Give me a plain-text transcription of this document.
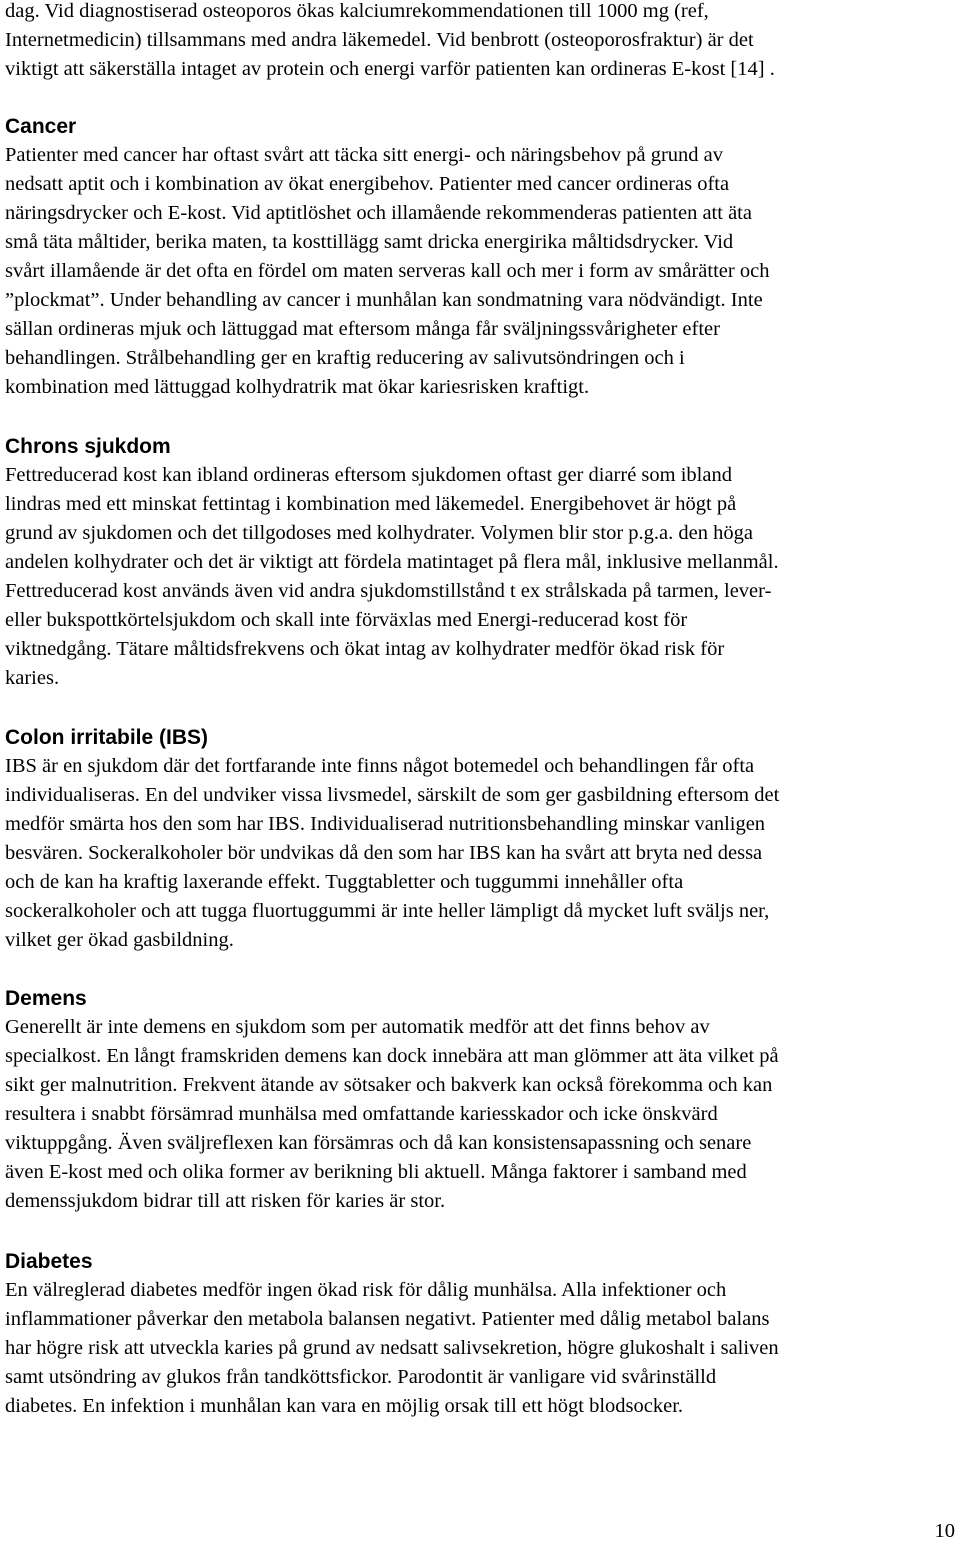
dag. Vid diagnostiserad osteoporos ökas kalciumrekommendationen till 1000 mg (ref,
Internetmedicin) tillsammans med andra läkemedel. Vid benbrott (osteoporosfraktur) är det
viktigt att säkerställa intaget av protein och energi varför patienten kan ordineras E-kost [14] .

Cancer

Patienter med cancer har oftast svårt att täcka sitt energi- och näringsbehov på grund av
nedsatt aptit och i kombination av ökat energibehov. Patienter med cancer ordineras ofta
näringsdrycker och E-kost. Vid aptitlöshet och illamående rekommenderas patienten att äta
små täta måltider, berika maten, ta kosttillägg samt dricka energirika måltidsdrycker. Vid
svårt illamående är det ofta en fördel om maten serveras kall och mer i form av smårätter och
”plockmat”. Under behandling av cancer i munhålan kan sondmatning vara nödvändigt. Inte
sällan ordineras mjuk och lättuggad mat eftersom många får sväljningssvårigheter efter
behandlingen. Strålbehandling ger en kraftig reducering av salivutsöndringen och i
kombination med lättuggad kolhydratrik mat ökar kariesrisken kraftigt.

Chrons sjukdom

Fettreducerad kost kan ibland ordineras eftersom sjukdomen oftast ger diarré som ibland
lindras med ett minskat fettintag i kombination med läkemedel. Energibehovet är högt på
grund av sjukdomen och det tillgodoses med kolhydrater. Volymen blir stor p.g.a. den höga
andelen kolhydrater och det är viktigt att fördela matintaget på flera mål, inklusive mellanmål.
Fettreducerad kost används även vid andra sjukdomstillstånd t ex strålskada på tarmen, lever-
eller bukspottkörtelsjukdom och skall inte förväxlas med Energi-reducerad kost för
viktnedgång. Tätare måltidsfrekvens och ökat intag av kolhydrater medför ökad risk för
karies.

Colon irritabile (IBS)

IBS är en sjukdom där det fortfarande inte finns något botemedel och behandlingen får ofta
individualiseras. En del undviker vissa livsmedel, särskilt de som ger gasbildning eftersom det
medför smärta hos den som har IBS. Individualiserad nutritionsbehandling minskar vanligen
besvären. Sockeralkoholer bör undvikas då den som har IBS kan ha svårt att bryta ned dessa
och de kan ha kraftig laxerande effekt. Tuggtabletter och tuggummi innehåller ofta
sockeralkoholer och att tugga fluortuggummi är inte heller lämpligt då mycket luft sväljs ner,
vilket ger ökad gasbildning.

Demens

Generellt är inte demens en sjukdom som per automatik medför att det finns behov av
specialkost. En långt framskriden demens kan dock innebära att man glömmer att äta vilket på
sikt ger malnutrition. Frekvent ätande av sötsaker och bakverk kan också förekomma och kan
resultera i snabbt försämrad munhälsa med omfattande kariesskador och icke önskvärd
viktuppgång. Även sväljreflexen kan försämras och då kan konsistensapassning och senare
även E-kost med och olika former av berikning bli aktuell. Många faktorer i samband med
demenssjukdom bidrar till att risken för karies är stor.

Diabetes

En välreglerad diabetes medför ingen ökad risk för dålig munhälsa. Alla infektioner och
inflammationer påverkar den metabola balansen negativt. Patienter med dålig metabol balans
har högre risk att utveckla karies på grund av nedsatt salivsekretion, högre glukoshalt i saliven
samt utsöndring av glukos från tandköttsfickor. Parodontit är vanligare vid svårinställd
diabetes. En infektion i munhålan kan vara en möjlig orsak till ett högt blodsocker.

10
